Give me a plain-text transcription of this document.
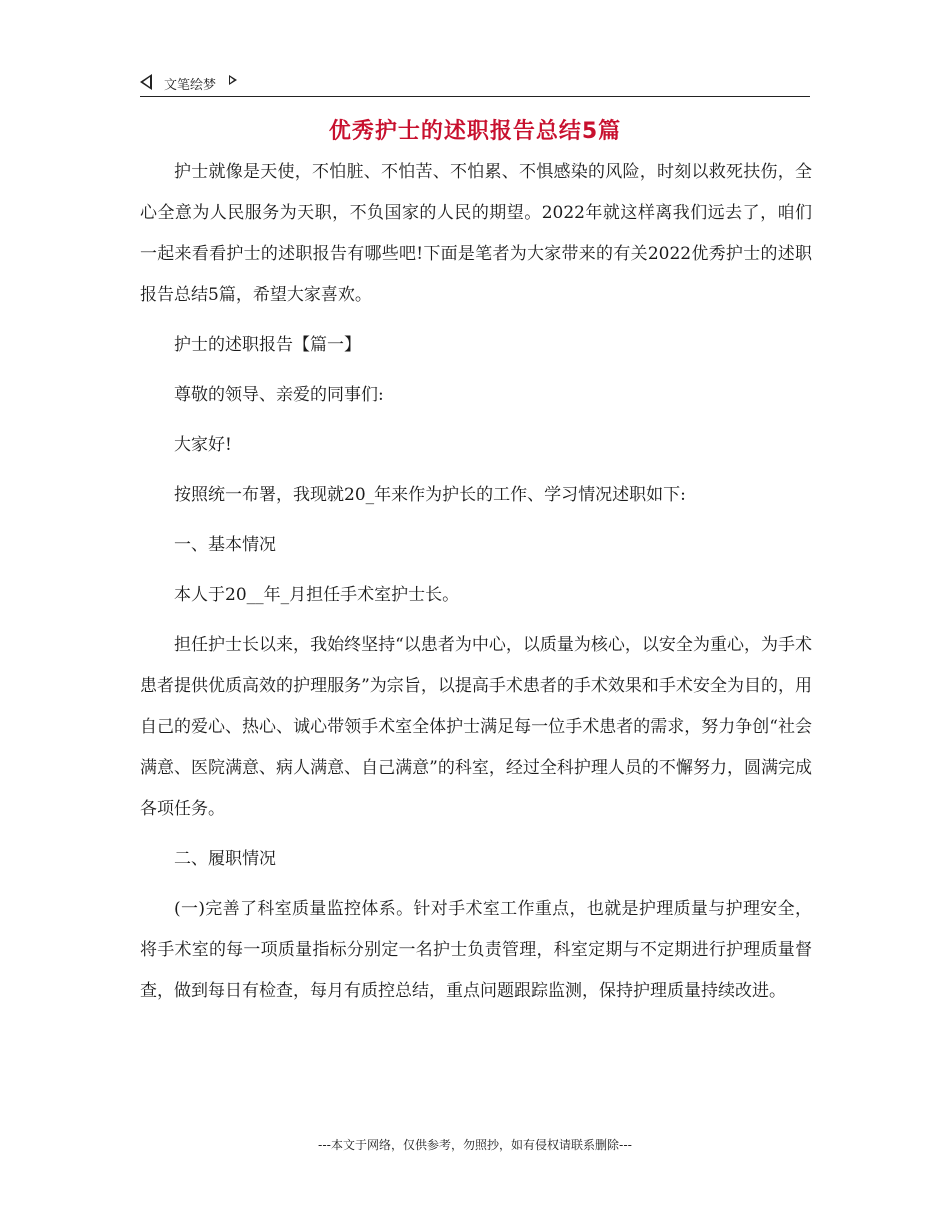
文笔绘梦
优秀护士的述职报告总结5篇

护士就像是天使，不怕脏、不怕苦、不怕累、不惧感染的风险，时刻以救死扶伤，全心全意为人民服务为天职，不负国家的人民的期望。2022年就这样离我们远去了，咱们一起来看看护士的述职报告有哪些吧!下面是笔者为大家带来的有关2022优秀护士的述职报告总结5篇，希望大家喜欢。

护士的述职报告【篇一】

尊敬的领导、亲爱的同事们:

大家好!

按照统一布署，我现就20_年来作为护长的工作、学习情况述职如下:

一、基本情况

本人于20__年_月担任手术室护士长。

担任护士长以来，我始终坚持“以患者为中心，以质量为核心，以安全为重心，为手术患者提供优质高效的护理服务”为宗旨，以提高手术患者的手术效果和手术安全为目的，用自己的爱心、热心、诚心带领手术室全体护士满足每一位手术患者的需求，努力争创“社会满意、医院满意、病人满意、自己满意”的科室，经过全科护理人员的不懈努力，圆满完成各项任务。

二、履职情况

(一)完善了科室质量监控体系。针对手术室工作重点，也就是护理质量与护理安全，将手术室的每一项质量指标分别定一名护士负责管理，科室定期与不定期进行护理质量督查，做到每日有检查，每月有质控总结，重点问题跟踪监测，保持护理质量持续改进。

---本文于网络，仅供参考，勿照抄，如有侵权请联系删除---
